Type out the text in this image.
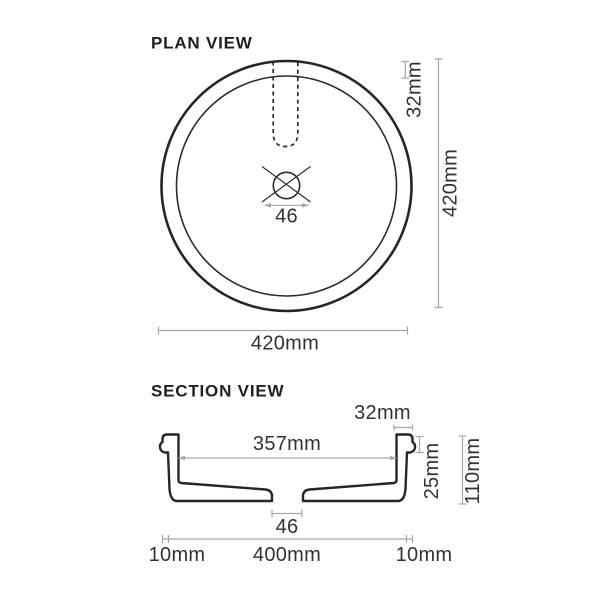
PLAN VIEW
46
32mm
420mm
420mm
SECTION VIEW
32mm
357mm	25mm 110mm
46
10mm 400mm	10mm
